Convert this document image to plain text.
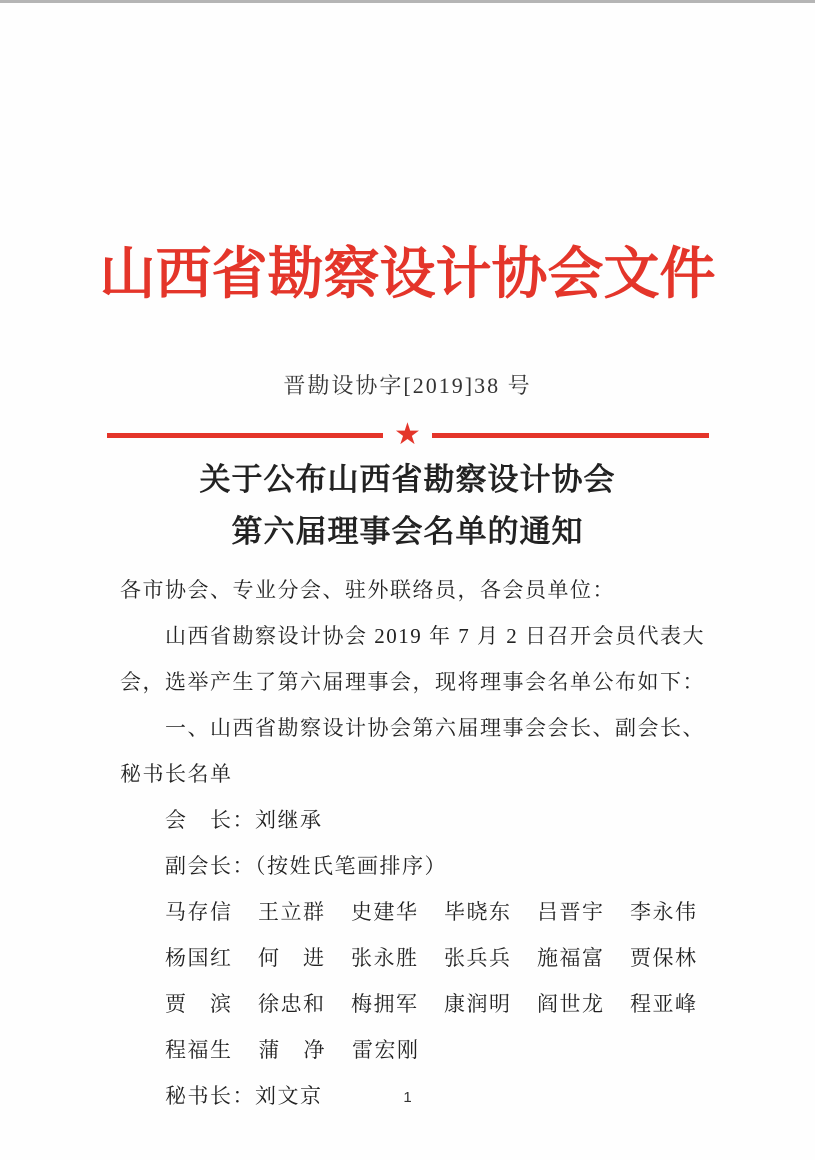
山西省勘察设计协会文件
晋勘设协字[2019]38 号
★
关于公布山西省勘察设计协会
第六届理事会名单的通知
各市协会、专业分会、驻外联络员，各会员单位：
山西省勘察设计协会 2019 年 7 月 2 日召开会员代表大
会，选举产生了第六届理事会，现将理事会名单公布如下：
一、山西省勘察设计协会第六届理事会会长、副会长、
秘书长名单
会　长：刘继承
副会长：（按姓氏笔画排序）
马存信 王立群 史建华 毕晓东 吕晋宇 李永伟
杨国红 何　进 张永胜 张兵兵 施福富 贾保林
贾　滨 徐忠和 梅拥军 康润明 阎世龙 程亚峰
程福生 蒲　净 雷宏刚
秘书长：刘文京	1
